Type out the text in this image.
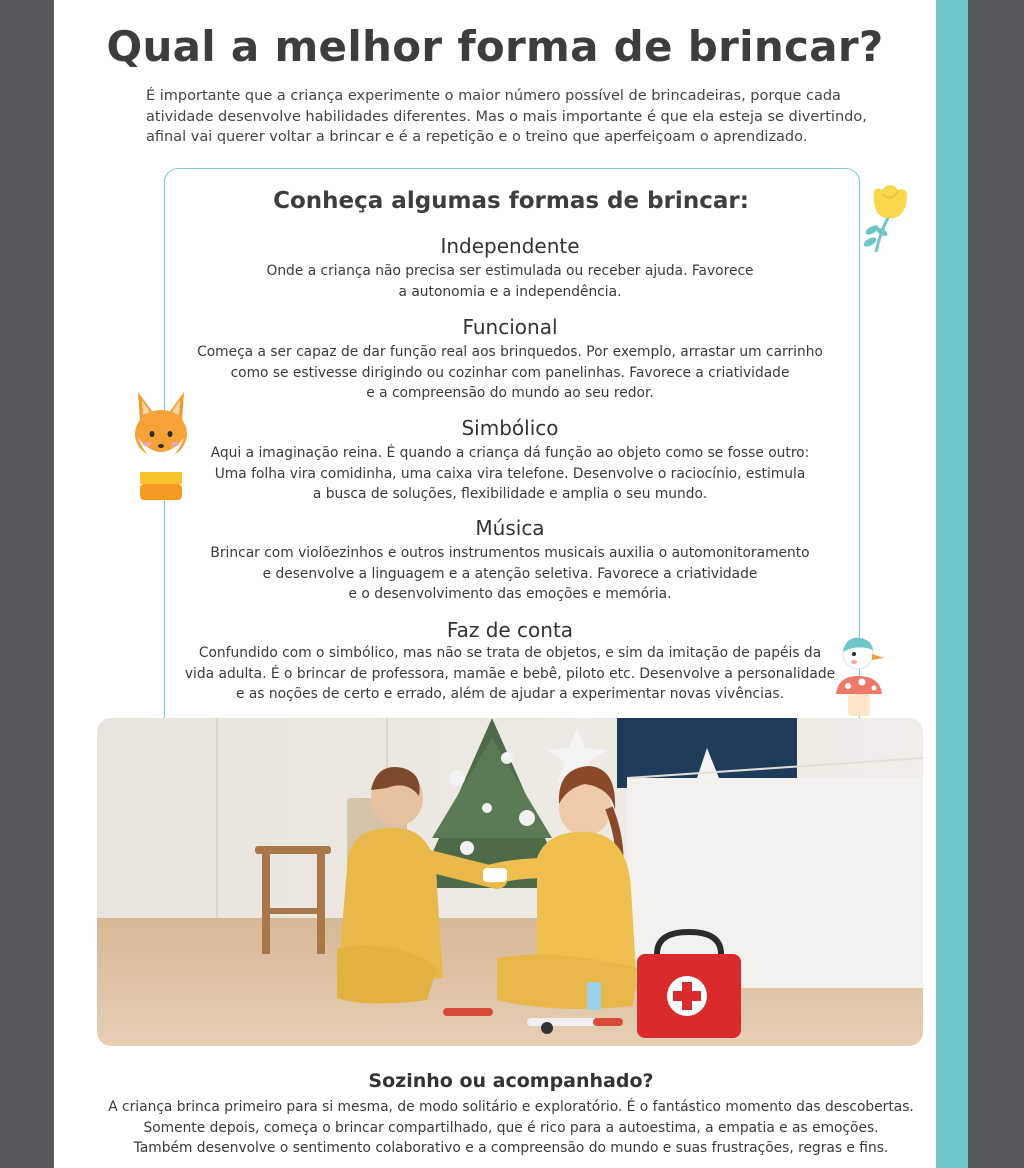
Qual a melhor forma de brincar?
É importante que a criança experimente o maior número possível de brincadeiras, porque cada atividade desenvolve habilidades diferentes. Mas o mais importante é que ela esteja se divertindo, afinal vai querer voltar a brincar e é a repetição e o treino que aperfeiçoam o aprendizado.
Conheça algumas formas de brincar:
Independente
Onde a criança não precisa ser estimulada ou receber ajuda. Favorece
a autonomia e a independência.
Funcional
Começa a ser capaz de dar função real aos brinquedos. Por exemplo, arrastar um carrinho
como se estivesse dirigindo ou cozinhar com panelinhas. Favorece a criatividade
e a compreensão do mundo ao seu redor.
Simbólico
Aqui a imaginação reina. É quando a criança dá função ao objeto como se fosse outro:
Uma folha vira comidinha, uma caixa vira telefone. Desenvolve o raciocínio, estimula
a busca de soluções, flexibilidade e amplia o seu mundo.
Música
Brincar com violõezinhos e outros instrumentos musicais auxilia o automonitoramento
e desenvolve a linguagem e a atenção seletiva. Favorece a criatividade
e o desenvolvimento das emoções e memória.
Faz de conta
Confundido com o simbólico, mas não se trata de objetos, e sim da imitação de papéis da
vida adulta. É o brincar de professora, mamãe e bebê, piloto etc. Desenvolve a personalidade
e as noções de certo e errado, além de ajudar a experimentar novas vivências.
Sozinho ou acompanhado?
A criança brinca primeiro para si mesma, de modo solitário e exploratório. É o fantástico momento das descobertas.
Somente depois, começa o brincar compartilhado, que é rico para a autoestima, a empatia e as emoções.
Também desenvolve o sentimento colaborativo e a compreensão do mundo e suas frustrações, regras e fins.
